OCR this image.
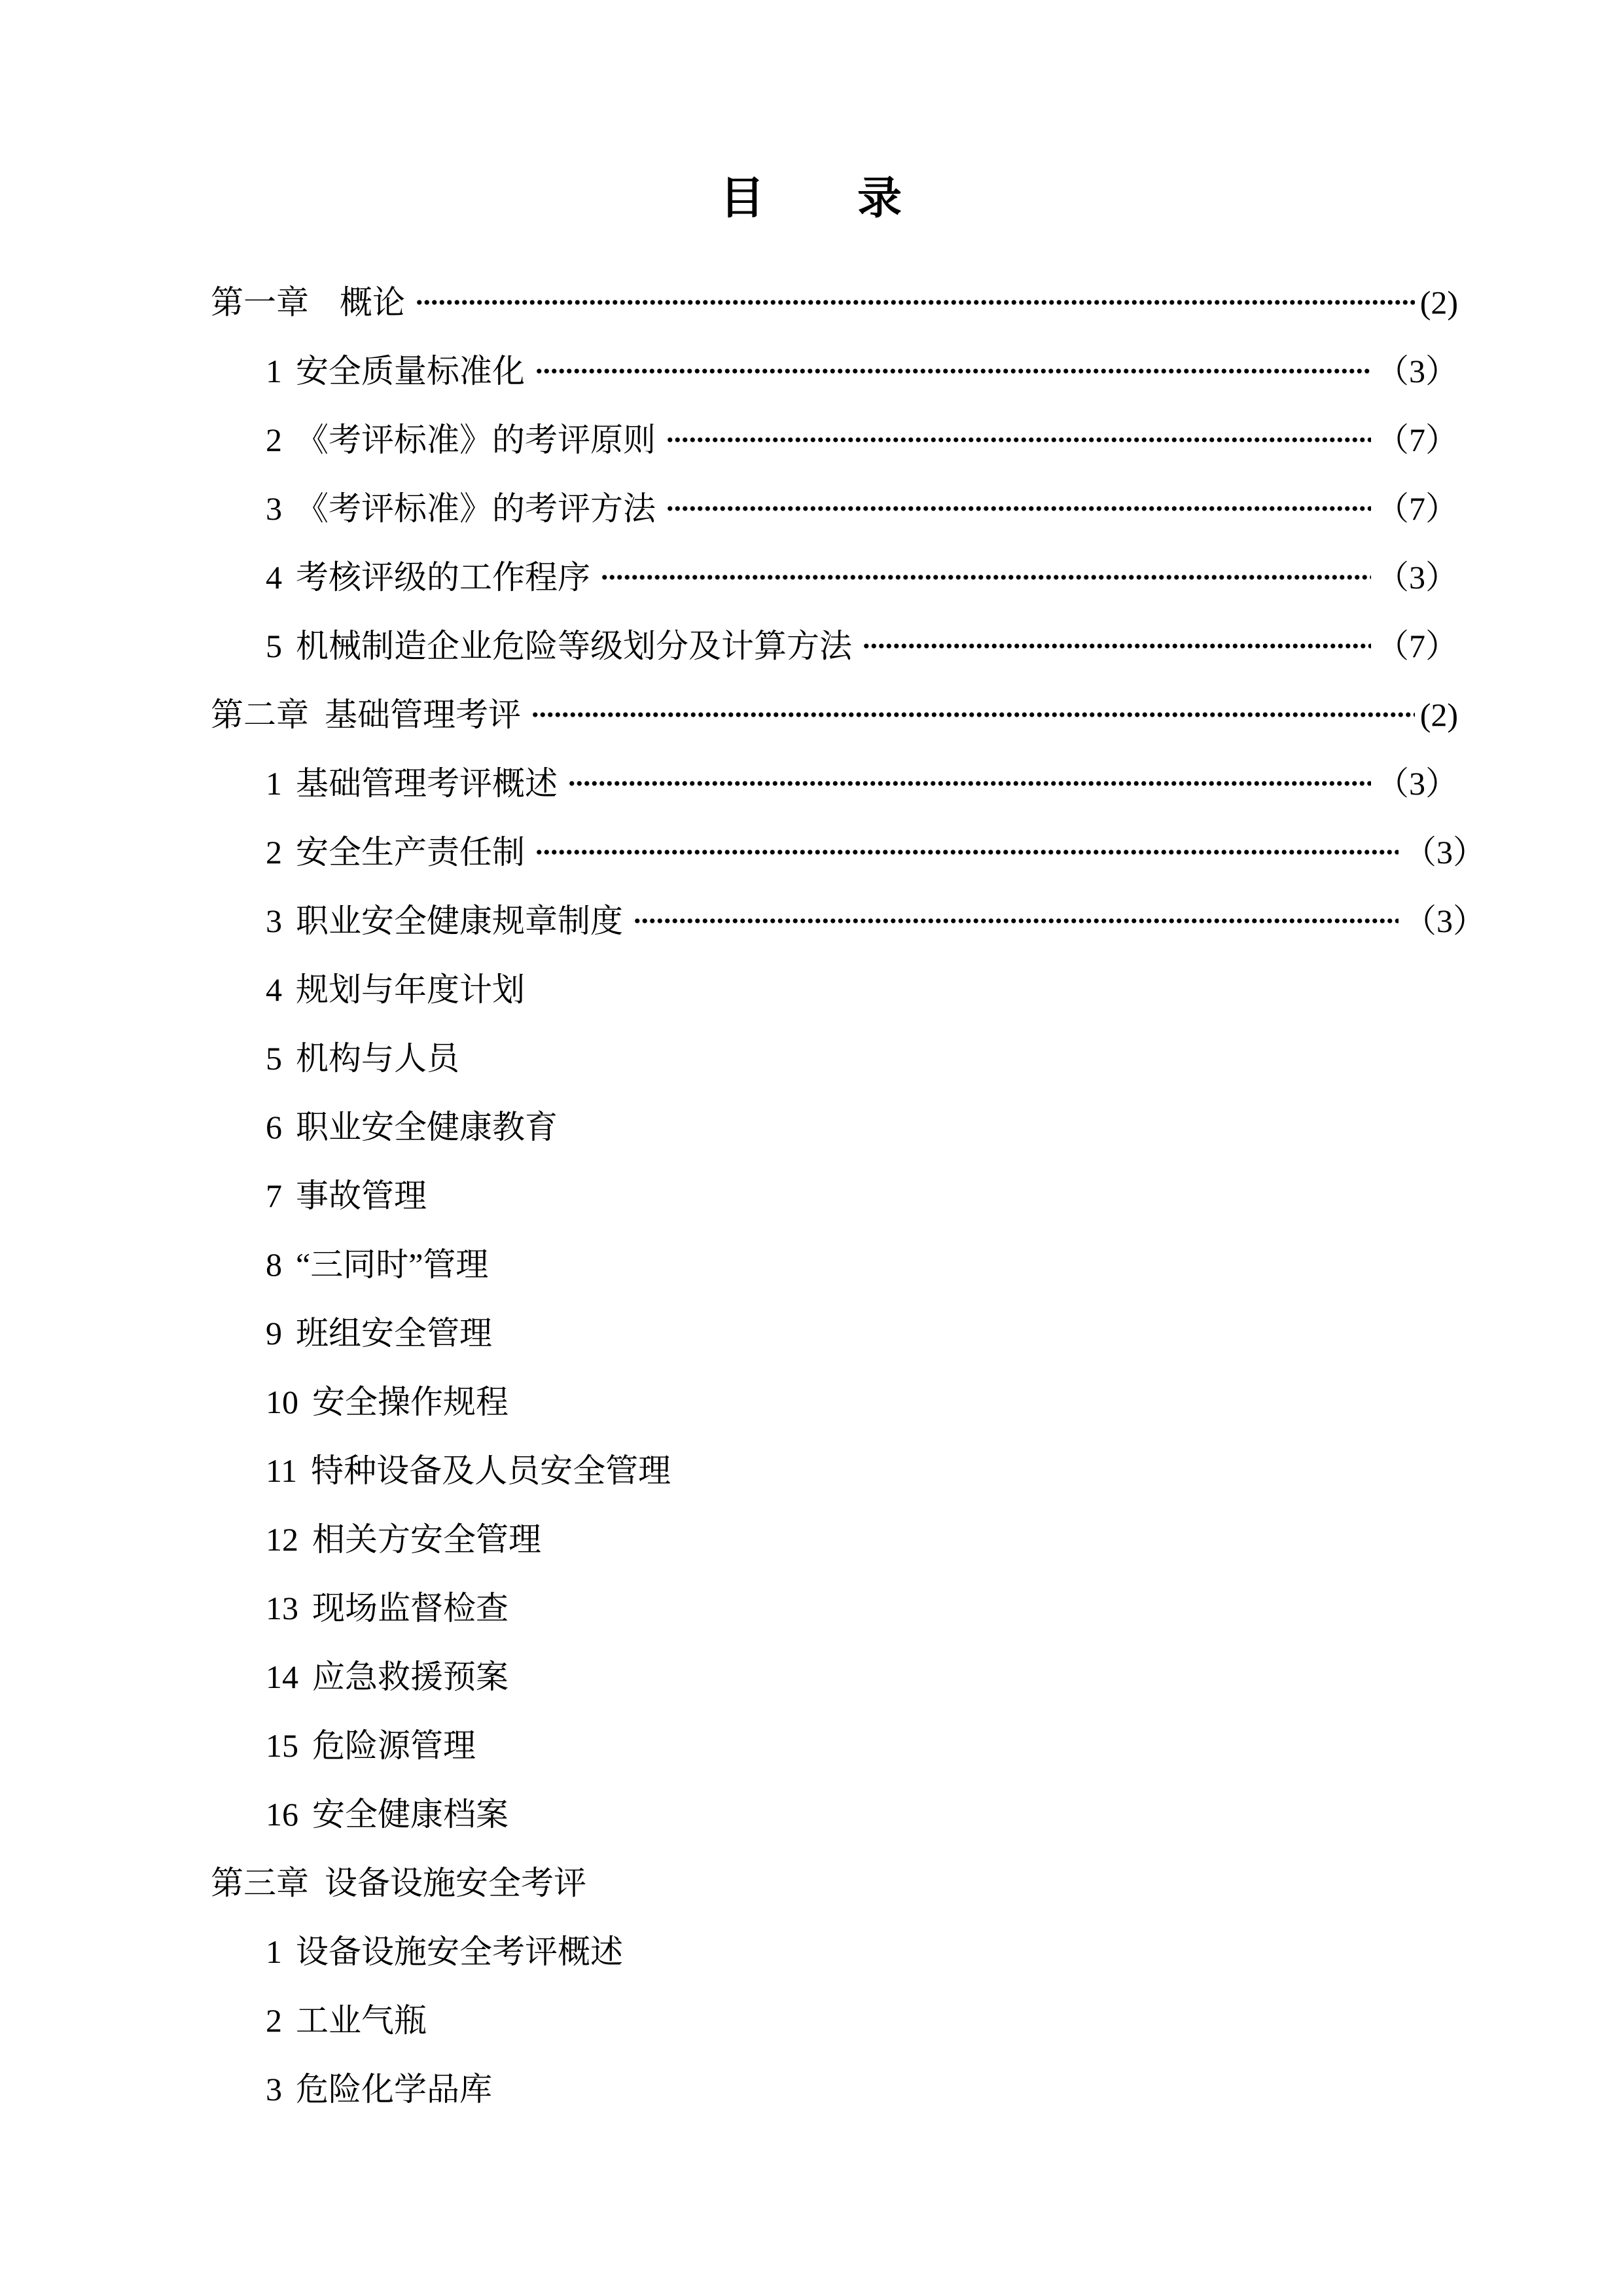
目　　录
第一章 概论	(2)
1 安全质量标准化	（3）
2 《考评标准》的考评原则	（7）
3 《考评标准》的考评方法	（7）
4 考核评级的工作程序	（3）
5 机械制造企业危险等级划分及计算方法	（7）
第二章 基础管理考评	(2)
1 基础管理考评概述	（3）
2 安全生产责任制	（3）
3 职业安全健康规章制度	（3）
4 规划与年度计划
5 机构与人员
6 职业安全健康教育
7 事故管理
8 “三同时”管理
9 班组安全管理
10 安全操作规程
11 特种设备及人员安全管理
12 相关方安全管理
13 现场监督检查
14 应急救援预案
15 危险源管理
16 安全健康档案
第三章 设备设施安全考评
1 设备设施安全考评概述
2 工业气瓶
3 危险化学品库
